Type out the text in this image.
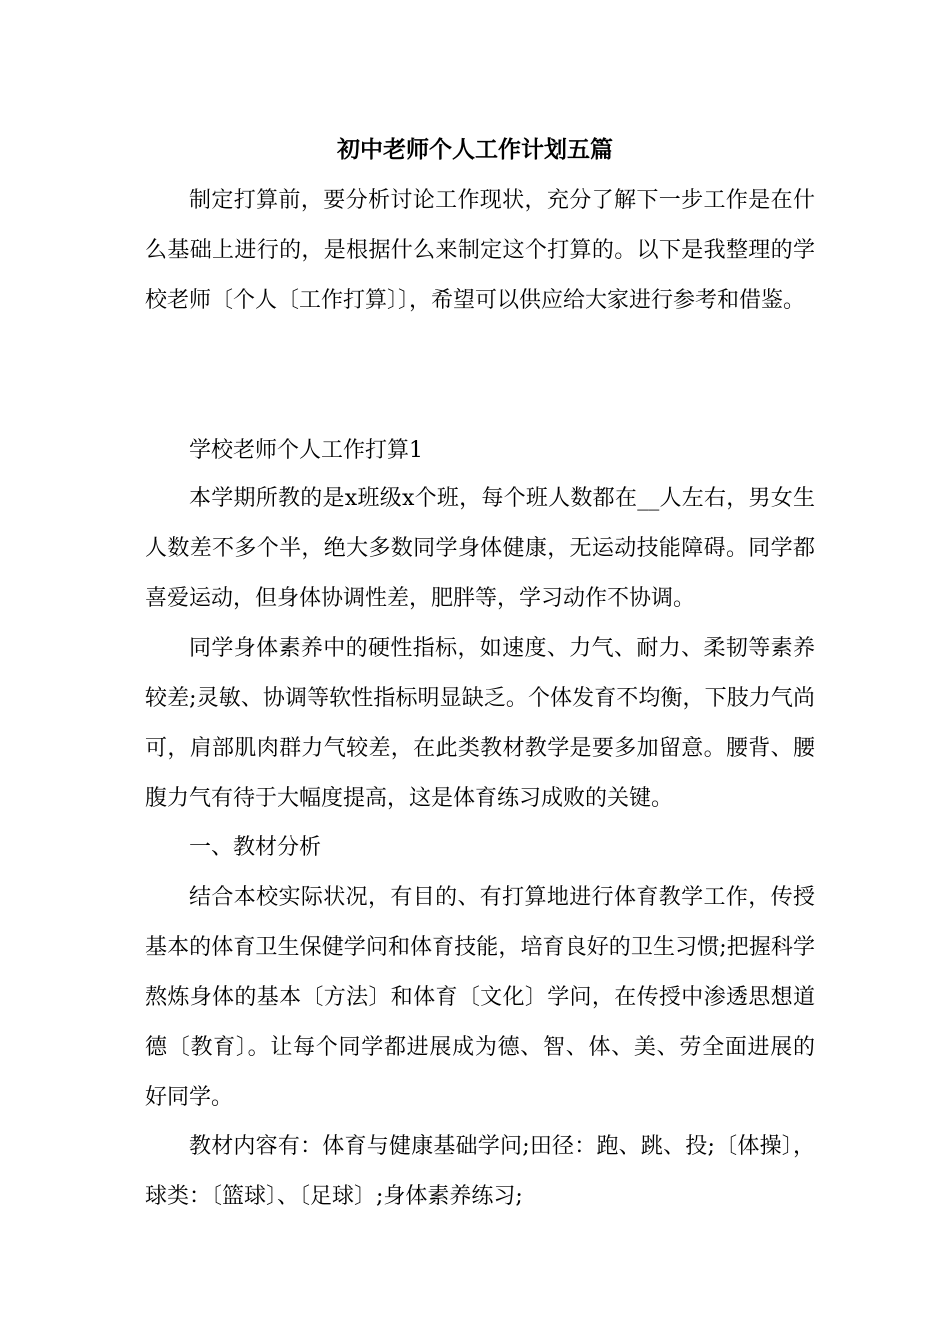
初中老师个人工作计划五篇

制定打算前，要分析讨论工作现状，充分了解下一步工作是在什么基础上进行的，是根据什么来制定这个打算的。以下是我整理的学校老师〔个人〔工作打算〕〕，希望可以供应给大家进行参考和借鉴。

学校老师个人工作打算1

本学期所教的是x班级x个班，每个班人数都在__人左右，男女生人数差不多个半，绝大多数同学身体健康，无运动技能障碍。同学都喜爱运动，但身体协调性差，肥胖等，学习动作不协调。

同学身体素养中的硬性指标，如速度、力气、耐力、柔韧等素养较差;灵敏、协调等软性指标明显缺乏。个体发育不均衡，下肢力气尚可，肩部肌肉群力气较差，在此类教材教学是要多加留意。腰背、腰腹力气有待于大幅度提高，这是体育练习成败的关键。

一、教材分析

结合本校实际状况，有目的、有打算地进行体育教学工作，传授基本的体育卫生保健学问和体育技能，培育良好的卫生习惯;把握科学熬炼身体的基本〔方法〕和体育〔文化〕学问，在传授中渗透思想道德〔教育〕。让每个同学都进展成为德、智、体、美、劳全面进展的好同学。

教材内容有：体育与健康基础学问;田径：跑、跳、投;〔体操〕，球类：〔篮球〕、〔足球〕;身体素养练习;
